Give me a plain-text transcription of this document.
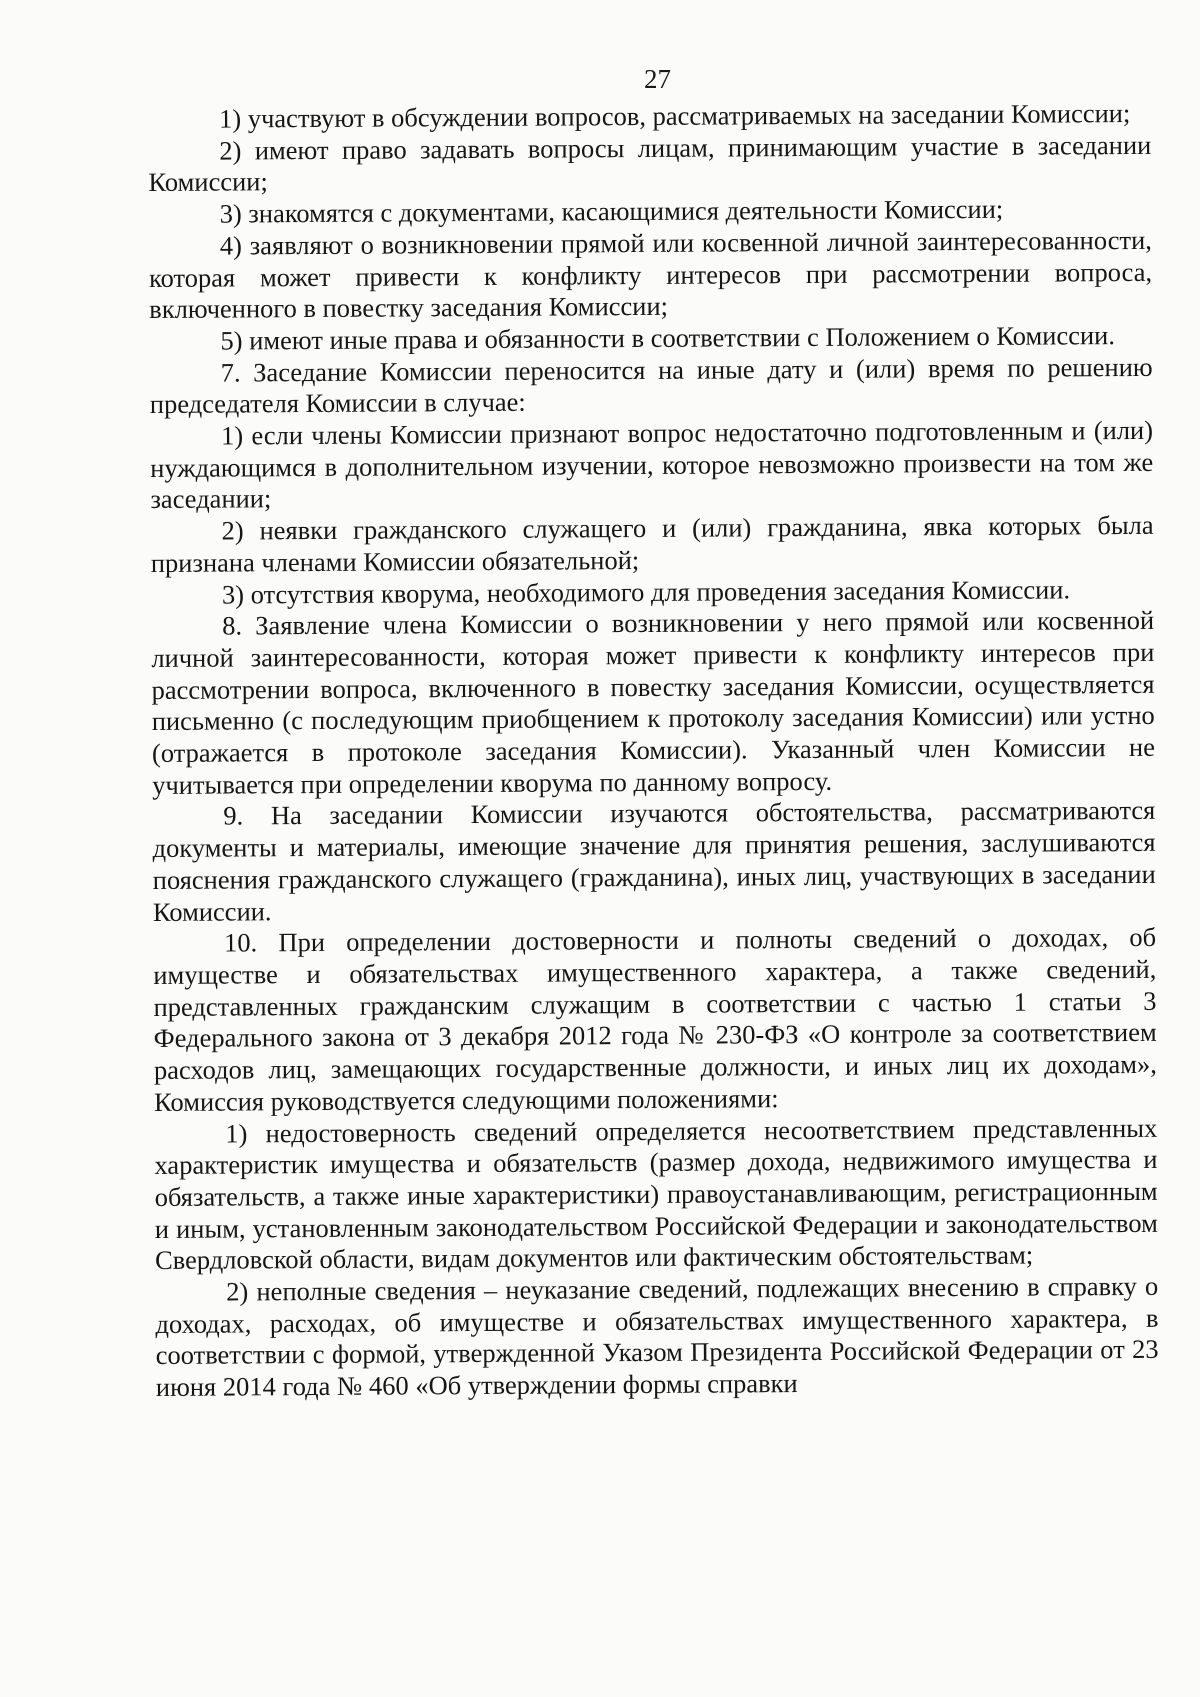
27

1) участвуют в обсуждении вопросов, рассматриваемых на заседании Комиссии;

2) имеют право задавать вопросы лицам, принимающим участие в заседании Комиссии;

3) знакомятся с документами, касающимися деятельности Комиссии;

4) заявляют о возникновении прямой или косвенной личной заинтересованности, которая может привести к конфликту интересов при рассмотрении вопроса, включенного в повестку заседания Комиссии;

5) имеют иные права и обязанности в соответствии с Положением о Комиссии.

7. Заседание Комиссии переносится на иные дату и (или) время по решению председателя Комиссии в случае:

1) если члены Комиссии признают вопрос недостаточно подготовленным и (или) нуждающимся в дополнительном изучении, которое невозможно произвести на том же заседании;

2) неявки гражданского служащего и (или) гражданина, явка которых была признана членами Комиссии обязательной;

3) отсутствия кворума, необходимого для проведения заседания Комиссии.

8. Заявление члена Комиссии о возникновении у него прямой или косвенной личной заинтересованности, которая может привести к конфликту интересов при рассмотрении вопроса, включенного в повестку заседания Комиссии, осуществляется письменно (с последующим приобщением к протоколу заседания Комиссии) или устно (отражается в протоколе заседания Комиссии). Указанный член Комиссии не учитывается при определении кворума по данному вопросу.

9. На заседании Комиссии изучаются обстоятельства, рассматриваются документы и материалы, имеющие значение для принятия решения, заслушиваются пояснения гражданского служащего (гражданина), иных лиц, участвующих в заседании Комиссии.

10. При определении достоверности и полноты сведений о доходах, об имуществе и обязательствах имущественного характера, а также сведений, представленных гражданским служащим в соответствии с частью 1 статьи 3 Федерального закона от 3 декабря 2012 года № 230-ФЗ «О контроле за соответствием расходов лиц, замещающих государственные должности, и иных лиц их доходам», Комиссия руководствуется следующими положениями:

1) недостоверность сведений определяется несоответствием представленных характеристик имущества и обязательств (размер дохода, недвижимого имущества и обязательств, а также иные характеристики) правоустанавливающим, регистрационным и иным, установленным законодательством Российской Федерации и законодательством Свердловской области, видам документов или фактическим обстоятельствам;

2) неполные сведения – неуказание сведений, подлежащих внесению в справку о доходах, расходах, об имуществе и обязательствах имущественного характера, в соответствии с формой, утвержденной Указом Президента Российской Федерации от 23 июня 2014 года № 460 «Об утверждении формы справки
